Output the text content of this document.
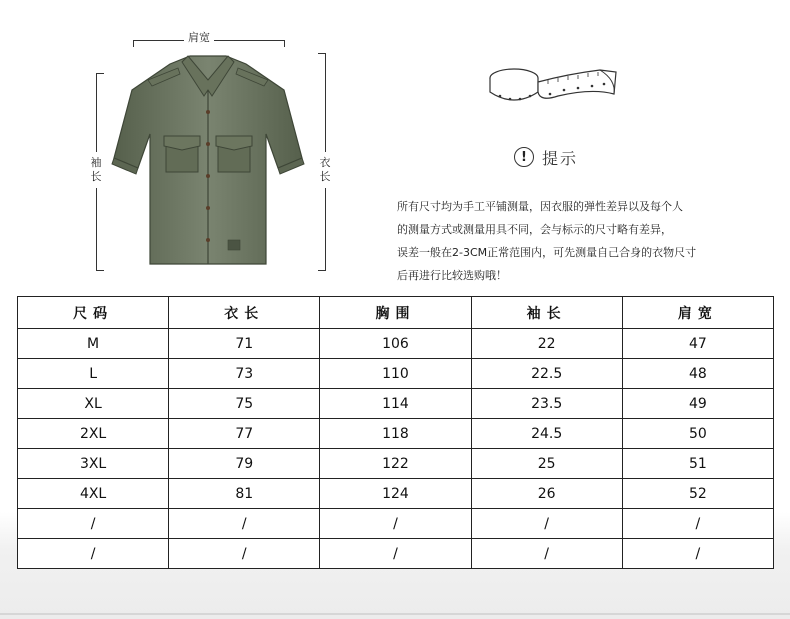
肩宽
袖长
衣长
! 提示
所有尺寸均为手工平铺测量，因衣服的弹性差异以及每个人
的测量方式或测量用具不同，会与标示的尺寸略有差异，
误差一般在2-3CM正常范围内，可先测量自己合身的衣物尺寸
后再进行比较选购哦！
尺码	衣长	胸围	袖长	肩宽
M	71	106	22	47
L	73	110	22.5	48
XL	75	114	23.5	49
2XL	77	118	24.5	50
3XL	79	122	25	51
4XL	81	124	26	52
/	/	/	/	/
/	/	/	/	/
